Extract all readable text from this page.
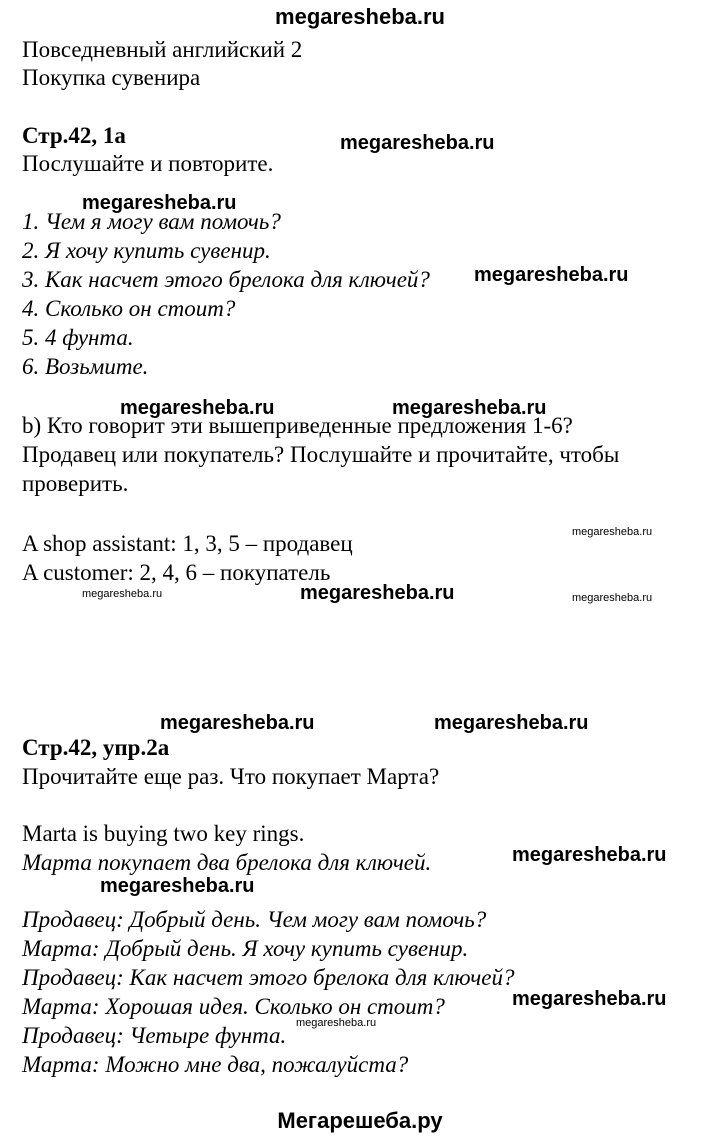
megaresheba.ru
Повседневный английский 2
Покупка сувенира
Стр.42, 1а
Послушайте и повторите.
1. Чем я могу вам помочь?
2. Я хочу купить сувенир.
3. Как насчет этого брелока для ключей?
4. Сколько он стоит?
5. 4 фунта.
6. Возьмите.
b) Кто говорит эти вышеприведенные предложения 1-6?
Продавец или покупатель? Послушайте и прочитайте, чтобы
проверить.
A shop assistant: 1, 3, 5 – продавец
A customer: 2, 4, 6 – покупатель
Стр.42, упр.2а
Прочитайте еще раз. Что покупает Марта?
Marta is buying two key rings.
Марта покупает два брелока для ключей.
Продавец: Добрый день. Чем могу вам помочь?
Марта: Добрый день. Я хочу купить сувенир.
Продавец: Как насчет этого брелока для ключей?
Марта: Хорошая идея. Сколько он стоит?
Продавец: Четыре фунта.
Марта: Можно мне два, пожалуйста?
megaresheba.ru
megaresheba.ru
megaresheba.ru
megaresheba.ru	megaresheba.ru
megaresheba.ru
megaresheba.ru	megaresheba.ru	megaresheba.ru
megaresheba.ru	megaresheba.ru
megaresheba.ru
megaresheba.ru
megaresheba.ru
megaresheba.ru
Мегарешеба.ру
